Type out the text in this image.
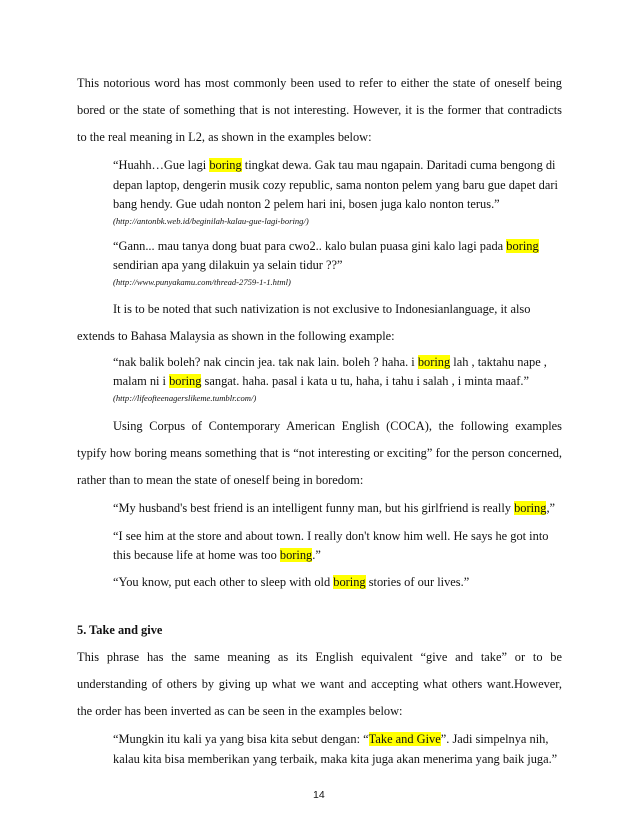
This notorious word has most commonly been used to refer to either the state of oneself being
bored or the state of something that is not interesting. However, it is the former that contradicts
to the real meaning in L2, as shown in the examples below:
“Huahh…Gue lagi boring tingkat dewa. Gak tau mau ngapain. Daritadi cuma bengong di
depan laptop, dengerin musik cozy republic, sama nonton pelem yang baru gue dapet dari
bang hendy. Gue udah nonton 2 pelem hari ini, bosen juga kalo nonton terus.”
(http://antonbk.web.id/beginilah-kalau-gue-lagi-boring/)
“Gann... mau tanya dong buat para cwo2.. kalo bulan puasa gini kalo lagi pada boring
sendirian apa yang dilakuin ya selain tidur ??”
(http://www.punyakamu.com/thread-2759-1-1.html)
It is to be noted that such nativization is not exclusive to Indonesianlanguage, it also
extends to Bahasa Malaysia as shown in the following example:
“nak balik boleh? nak cincin jea. tak nak lain. boleh ? haha. i boring lah , taktahu nape ,
malam ni i boring sangat. haha. pasal i kata u tu, haha, i tahu i salah , i minta maaf.”
(http://lifeofteenagerslikeme.tumblr.com/)
Using Corpus of Contemporary American English (COCA), the following examples
typify how boring means something that is “not interesting or exciting” for the person concerned,
rather than to mean the state of oneself being in boredom:
“My husband's best friend is an intelligent funny man, but his girlfriend is really boring,”
“I see him at the store and about town. I really don't know him well. He says he got into
this because life at home was too boring.”
“You know, put each other to sleep with old boring stories of our lives.”
5. Take and give
This phrase has the same meaning as its English equivalent “give and take” or to be
understanding of others by giving up what we want and accepting what others want.However,
the order has been inverted as can be seen in the examples below:
“Mungkin itu kali ya yang bisa kita sebut dengan: “Take and Give”. Jadi simpelnya nih,
kalau kita bisa memberikan yang terbaik, maka kita juga akan menerima yang baik juga.”
14
